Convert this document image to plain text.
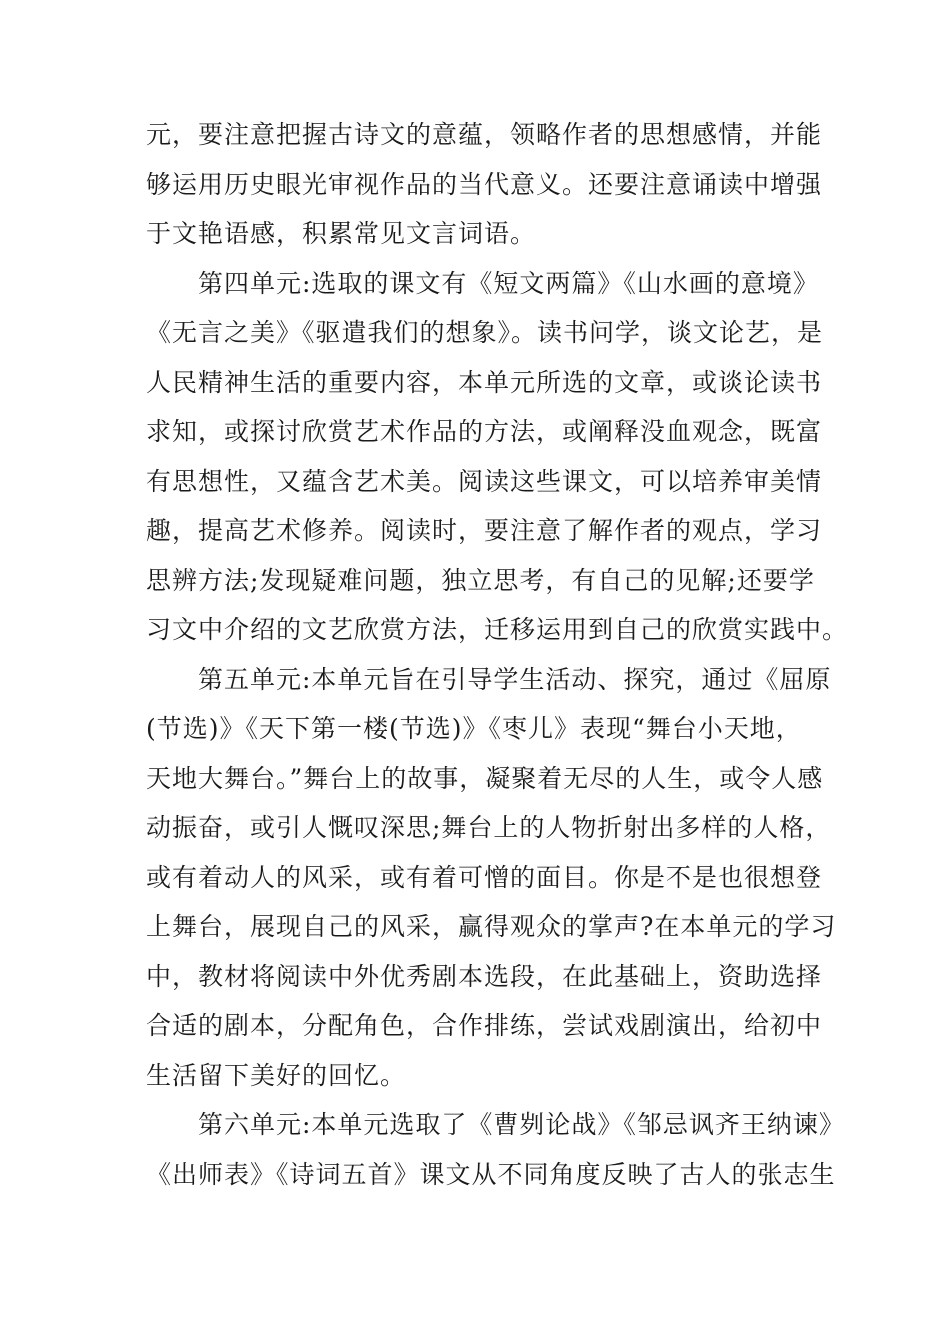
元，要注意把握古诗文的意蕴，领略作者的思想感情，并能
够运用历史眼光审视作品的当代意义。还要注意诵读中增强
于文艳语感，积累常见文言词语。
　　第四单元:选取的课文有《短文两篇》《山水画的意境》
《无言之美》《驱遣我们的想象》。读书问学，谈文论艺，是
人民精神生活的重要内容，本单元所选的文章，或谈论读书
求知，或探讨欣赏艺术作品的方法，或阐释没血观念，既富
有思想性，又蕴含艺术美。阅读这些课文，可以培养审美情
趣，提高艺术修养。阅读时，要注意了解作者的观点，学习
思辨方法;发现疑难问题，独立思考，有自己的见解;还要学
习文中介绍的文艺欣赏方法，迁移运用到自己的欣赏实践中。
　　第五单元:本单元旨在引导学生活动、探究，通过《屈原
(节选)》《天下第一楼(节选)》《枣儿》表现“舞台小天地，
天地大舞台。”舞台上的故事，凝聚着无尽的人生，或令人感
动振奋，或引人慨叹深思;舞台上的人物折射出多样的人格，
或有着动人的风采，或有着可憎的面目。你是不是也很想登
上舞台，展现自己的风采，赢得观众的掌声?在本单元的学习
中，教材将阅读中外优秀剧本选段，在此基础上，资助选择
合适的剧本，分配角色，合作排练，尝试戏剧演出，给初中
生活留下美好的回忆。
　　第六单元:本单元选取了《曹刿论战》《邹忌讽齐王纳谏》
《出师表》《诗词五首》课文从不同角度反映了古人的张志生
